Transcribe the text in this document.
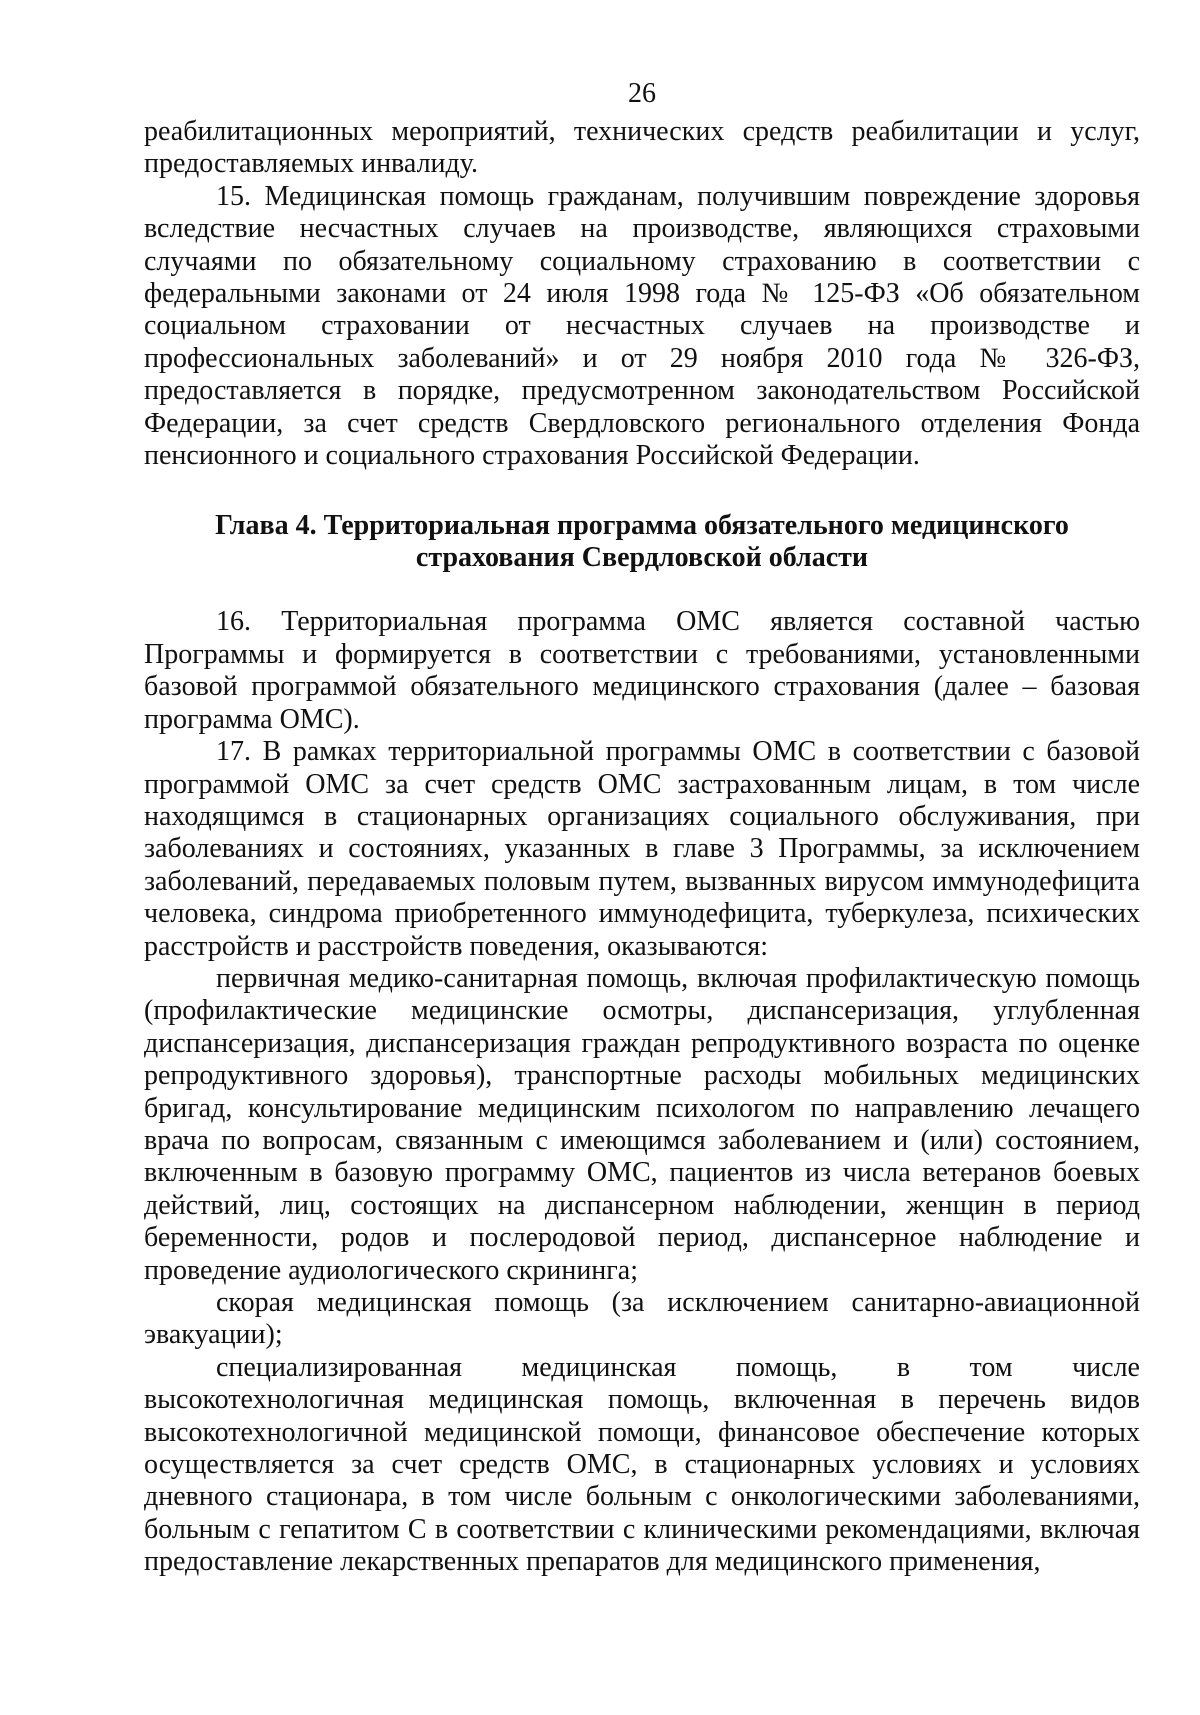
26

реабилитационных мероприятий, технических средств реабилитации и услуг, предоставляемых инвалиду.

15. Медицинская помощь гражданам, получившим повреждение здоровья вследствие несчастных случаев на производстве, являющихся страховыми случаями по обязательному социальному страхованию в соответствии с федеральными законами от 24 июля 1998 года № 125-ФЗ «Об обязательном социальном страховании от несчастных случаев на производстве и профессиональных заболеваний» и от 29 ноября 2010 года № 326-ФЗ, предоставляется в порядке, предусмотренном законодательством Российской Федерации, за счет средств Свердловского регионального отделения Фонда пенсионного и социального страхования Российской Федерации.

Глава 4. Территориальная программа обязательного медицинского
страхования Свердловской области

16. Территориальная программа ОМС является составной частью Программы и формируется в соответствии с требованиями, установленными базовой программой обязательного медицинского страхования (далее – базовая программа ОМС).

17. В рамках территориальной программы ОМС в соответствии с базовой программой ОМС за счет средств ОМС застрахованным лицам, в том числе находящимся в стационарных организациях социального обслуживания, при заболеваниях и состояниях, указанных в главе 3 Программы, за исключением заболеваний, передаваемых половым путем, вызванных вирусом иммунодефицита человека, синдрома приобретенного иммунодефицита, туберкулеза, психических расстройств и расстройств поведения, оказываются:

первичная медико-санитарная помощь, включая профилактическую помощь (профилактические медицинские осмотры, диспансеризация, углубленная диспансеризация, диспансеризация граждан репродуктивного возраста по оценке репродуктивного здоровья), транспортные расходы мобильных медицинских бригад, консультирование медицинским психологом по направлению лечащего врача по вопросам, связанным с имеющимся заболеванием и (или) состоянием, включенным в базовую программу ОМС, пациентов из числа ветеранов боевых действий, лиц, состоящих на диспансерном наблюдении, женщин в период беременности, родов и послеродовой период, диспансерное наблюдение и проведение аудиологического скрининга;

скорая медицинская помощь (за исключением санитарно-авиационной эвакуации);

специализированная медицинская помощь, в том числе высокотехнологичная медицинская помощь, включенная в перечень видов высокотехнологичной медицинской помощи, финансовое обеспечение которых осуществляется за счет средств ОМС, в стационарных условиях и условиях дневного стационара, в том числе больным с онкологическими заболеваниями, больным с гепатитом С в соответствии с клиническими рекомендациями, включая предоставление лекарственных препаратов для медицинского применения,
